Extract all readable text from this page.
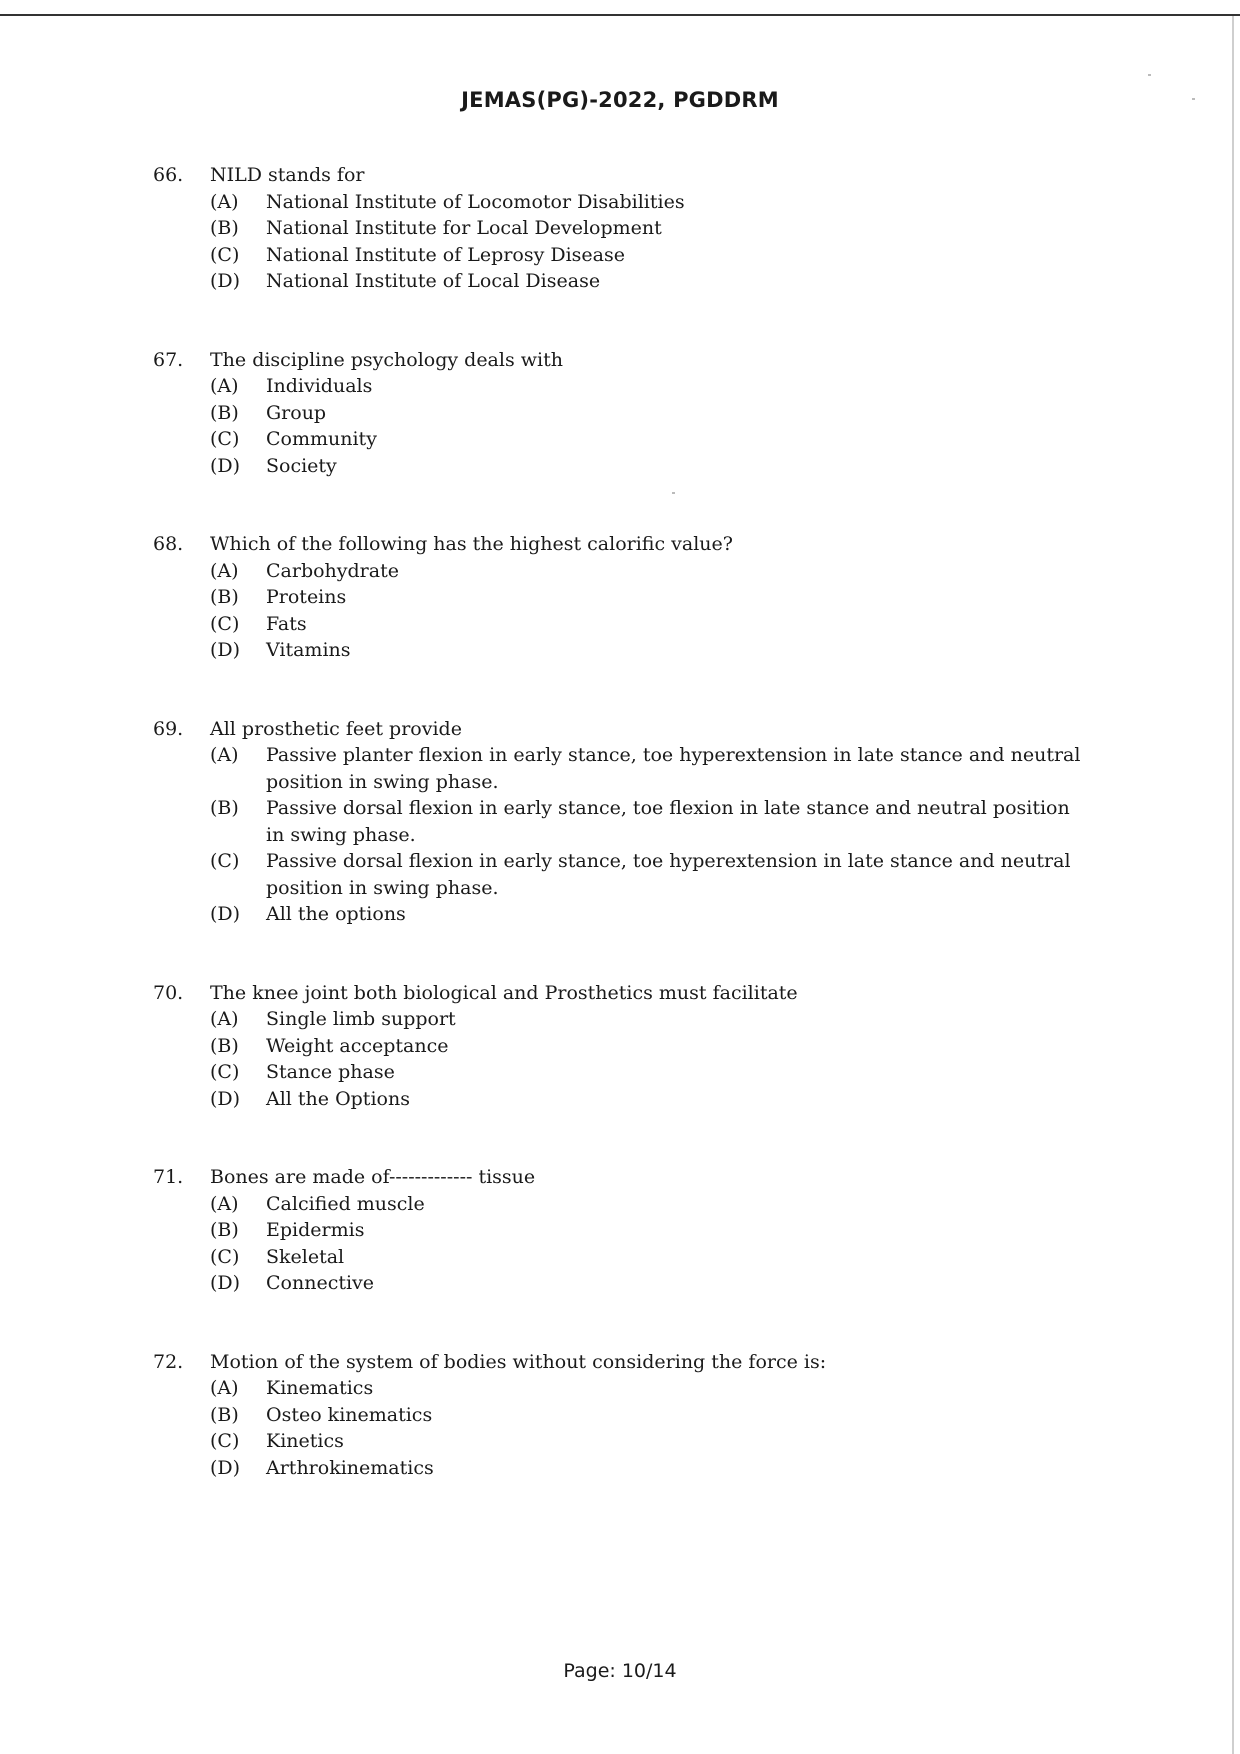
JEMAS(PG)-2022, PGDDRM
66.	NILD stands for
(A)	National Institute of Locomotor Disabilities
(B)	National Institute for Local Development
(C)	National Institute of Leprosy Disease
(D)	National Institute of Local Disease
67.	The discipline psychology deals with
(A)	Individuals
(B)	Group
(C)	Community
(D)	Society
68.	Which of the following has the highest calorific value?
(A)	Carbohydrate
(B)	Proteins
(C)	Fats
(D)	Vitamins
69.	All prosthetic feet provide
(A)	Passive planter flexion in early stance, toe hyperextension in late stance and neutral position in swing phase.
(B)	Passive dorsal flexion in early stance, toe flexion in late stance and neutral position in swing phase.
(C)	Passive dorsal flexion in early stance, toe hyperextension in late stance and neutral position in swing phase.
(D)	All the options
70.	The knee joint both biological and Prosthetics must facilitate
(A)	Single limb support
(B)	Weight acceptance
(C)	Stance phase
(D)	All the Options
71.	Bones are made of------------- tissue
(A)	Calcified muscle
(B)	Epidermis
(C)	Skeletal
(D)	Connective
72.	Motion of the system of bodies without considering the force is:
(A)	Kinematics
(B)	Osteo kinematics
(C)	Kinetics
(D)	Arthrokinematics
Page: 10/14
